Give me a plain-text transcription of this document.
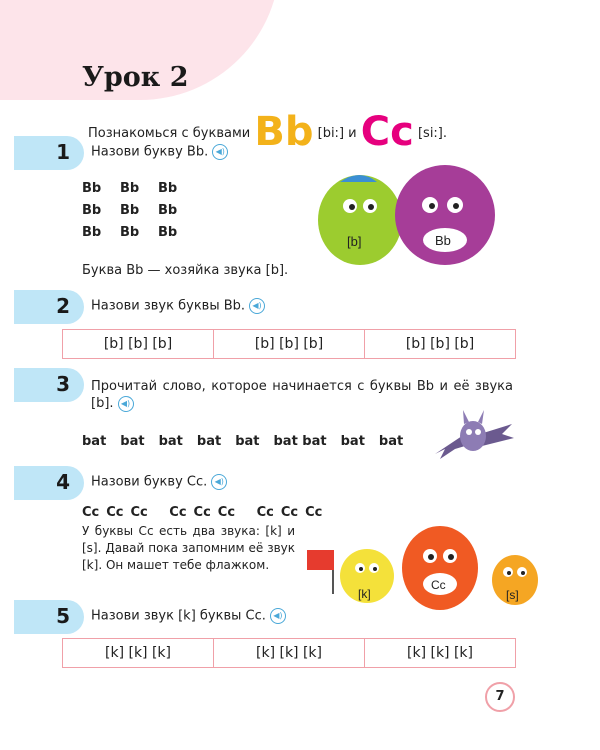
Урок 2
Познакомься с буквами Bb [bi:] и Cc [si:].
1 Назови букву Bb. ◀)
Bb Bb Bb
Bb Bb Bb
Bb Bb Bb
Буква Bb — хозяйка звука [b].
[b]	Bb
2 Назови звук буквы Bb. ◀)
[b] [b] [b]	[b] [b] [b]	[b] [b] [b]
3 Прочитай слово, которое начинается с буквы Bb и её звука [b]. ◀)
bat bat bat bat bat bat bat bat bat
4 Назови букву Cc. ◀)
Cc Cc Cc Cc Cc Cc Cc Cc Cc
У буквы Cc есть два звука: [k] и [s]. Давай пока запомним её звук [k]. Он машет тебе флажком.
[k]
Cc
[s]
5 Назови звук [k] буквы Cc. ◀)
[k] [k] [k]	[k] [k] [k]	[k] [k] [k]
7
